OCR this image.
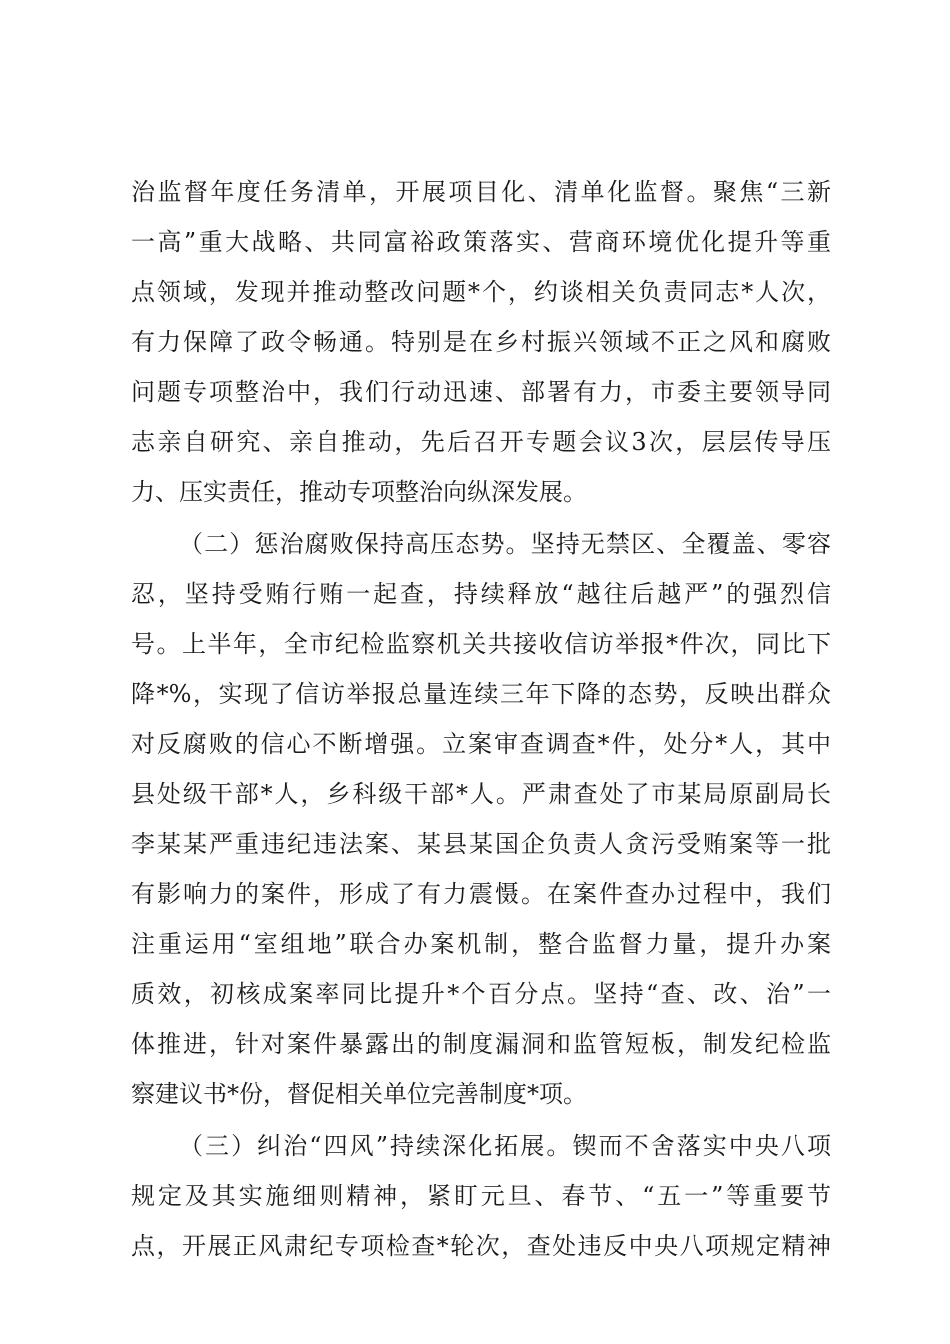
治监督年度任务清单，开展项目化、清单化监督。聚焦“三新
一高”重大战略、共同富裕政策落实、营商环境优化提升等重
点领域，发现并推动整改问题*个，约谈相关负责同志*人次，
有力保障了政令畅通。特别是在乡村振兴领域不正之风和腐败
问题专项整治中，我们行动迅速、部署有力，市委主要领导同
志亲自研究、亲自推动，先后召开专题会议3次，层层传导压
力、压实责任，推动专项整治向纵深发展。
（二）惩治腐败保持高压态势。坚持无禁区、全覆盖、零容
忍，坚持受贿行贿一起查，持续释放“越往后越严”的强烈信
号。上半年，全市纪检监察机关共接收信访举报*件次，同比下
降*%，实现了信访举报总量连续三年下降的态势，反映出群众
对反腐败的信心不断增强。立案审查调查*件，处分*人，其中
县处级干部*人，乡科级干部*人。严肃查处了市某局原副局长
李某某严重违纪违法案、某县某国企负责人贪污受贿案等一批
有影响力的案件，形成了有力震慑。在案件查办过程中，我们
注重运用“室组地”联合办案机制，整合监督力量，提升办案
质效，初核成案率同比提升*个百分点。坚持“查、改、治”一
体推进，针对案件暴露出的制度漏洞和监管短板，制发纪检监
察建议书*份，督促相关单位完善制度*项。
（三）纠治“四风”持续深化拓展。锲而不舍落实中央八项
规定及其实施细则精神，紧盯元旦、春节、“五一”等重要节
点，开展正风肃纪专项检查*轮次，查处违反中央八项规定精神
